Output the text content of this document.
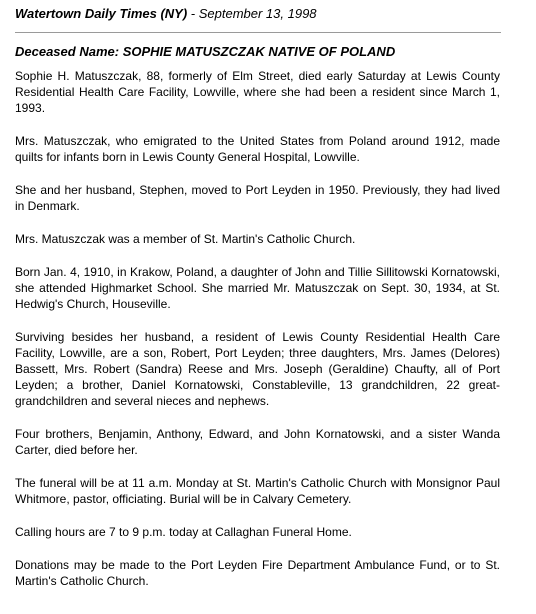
Watertown Daily Times (NY) - September 13, 1998
Deceased Name: SOPHIE MATUSZCZAK NATIVE OF POLAND

Sophie H. Matuszczak, 88, formerly of Elm Street, died early Saturday at Lewis County Residential Health Care Facility, Lowville, where she had been a resident since March 1, 1993.

Mrs. Matuszczak, who emigrated to the United States from Poland around 1912, made quilts for infants born in Lewis County General Hospital, Lowville.

She and her husband, Stephen, moved to Port Leyden in 1950. Previously, they had lived in Denmark.

Mrs. Matuszczak was a member of St. Martin's Catholic Church.

Born Jan. 4, 1910, in Krakow, Poland, a daughter of John and Tillie Sillitowski Kornatowski, she attended Highmarket School. She married Mr. Matuszczak on Sept. 30, 1934, at St. Hedwig's Church, Houseville.

Surviving besides her husband, a resident of Lewis County Residential Health Care Facility, Lowville, are a son, Robert, Port Leyden; three daughters, Mrs. James (Delores) Bassett, Mrs. Robert (Sandra) Reese and Mrs. Joseph (Geraldine) Chaufty, all of Port Leyden; a brother, Daniel Kornatowski, Constableville, 13 grandchildren, 22 great-grandchildren and several nieces and nephews.

Four brothers, Benjamin, Anthony, Edward, and John Kornatowski, and a sister Wanda Carter, died before her.

The funeral will be at 11 a.m. Monday at St. Martin's Catholic Church with Monsignor Paul Whitmore, pastor, officiating. Burial will be in Calvary Cemetery.

Calling hours are 7 to 9 p.m. today at Callaghan Funeral Home.

Donations may be made to the Port Leyden Fire Department Ambulance Fund, or to St. Martin's Catholic Church.
